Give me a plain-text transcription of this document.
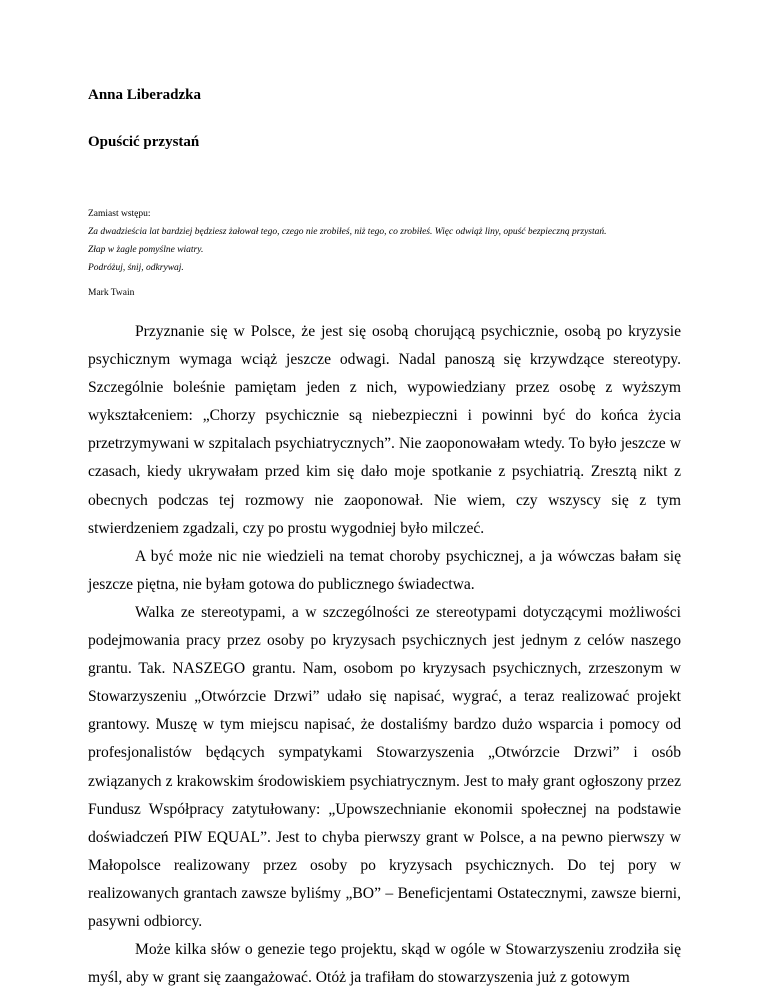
Anna Liberadzka

Opuścić przystań

Zamiast wstępu:
Za dwadzieścia lat bardziej będziesz żałował tego, czego nie zrobiłeś, niż tego, co zrobiłeś. Więc odwiąż liny, opuść bezpieczną przystań.
Złap w żagle pomyślne wiatry.
Podróżuj, śnij, odkrywaj.

Mark Twain

Przyznanie się w Polsce, że jest się osobą chorującą psychicznie, osobą po kryzysie psychicznym wymaga wciąż jeszcze odwagi. Nadal panoszą się krzywdzące stereotypy. Szczególnie boleśnie pamiętam jeden z nich, wypowiedziany przez osobę z wyższym wykształceniem: „Chorzy psychicznie są niebezpieczni i powinni być do końca życia przetrzymywani w szpitalach psychiatrycznych”. Nie zaoponowałam wtedy. To było jeszcze w czasach, kiedy ukrywałam przed kim się dało moje spotkanie z psychiatrią. Zresztą nikt z obecnych podczas tej rozmowy nie zaoponował. Nie wiem, czy wszyscy się z tym stwierdzeniem zgadzali, czy po prostu wygodniej było milczeć.

A być może nic nie wiedzieli na temat choroby psychicznej, a ja wówczas bałam się jeszcze piętna, nie byłam gotowa do publicznego świadectwa.

Walka ze stereotypami, a w szczególności ze stereotypami dotyczącymi możliwości podejmowania pracy przez osoby po kryzysach psychicznych jest jednym z celów naszego grantu. Tak. NASZEGO grantu. Nam, osobom po kryzysach psychicznych, zrzeszonym w Stowarzyszeniu „Otwórzcie Drzwi” udało się napisać, wygrać, a teraz realizować projekt grantowy. Muszę w tym miejscu napisać, że dostaliśmy bardzo dużo wsparcia i pomocy od profesjonalistów będących sympatykami Stowarzyszenia „Otwórzcie Drzwi” i osób związanych z krakowskim środowiskiem psychiatrycznym. Jest to mały grant ogłoszony przez Fundusz Współpracy zatytułowany: „Upowszechnianie ekonomii społecznej na podstawie doświadczeń PIW EQUAL”. Jest to chyba pierwszy grant w Polsce, a na pewno pierwszy w Małopolsce realizowany przez osoby po kryzysach psychicznych. Do tej pory w realizowanych grantach zawsze byliśmy „BO” – Beneficjentami Ostatecznymi, zawsze bierni, pasywni odbiorcy.

Może kilka słów o genezie tego projektu, skąd w ogóle w Stowarzyszeniu zrodziła się myśl, aby w grant się zaangażować. Otóż ja trafiłam do stowarzyszenia już z gotowym
